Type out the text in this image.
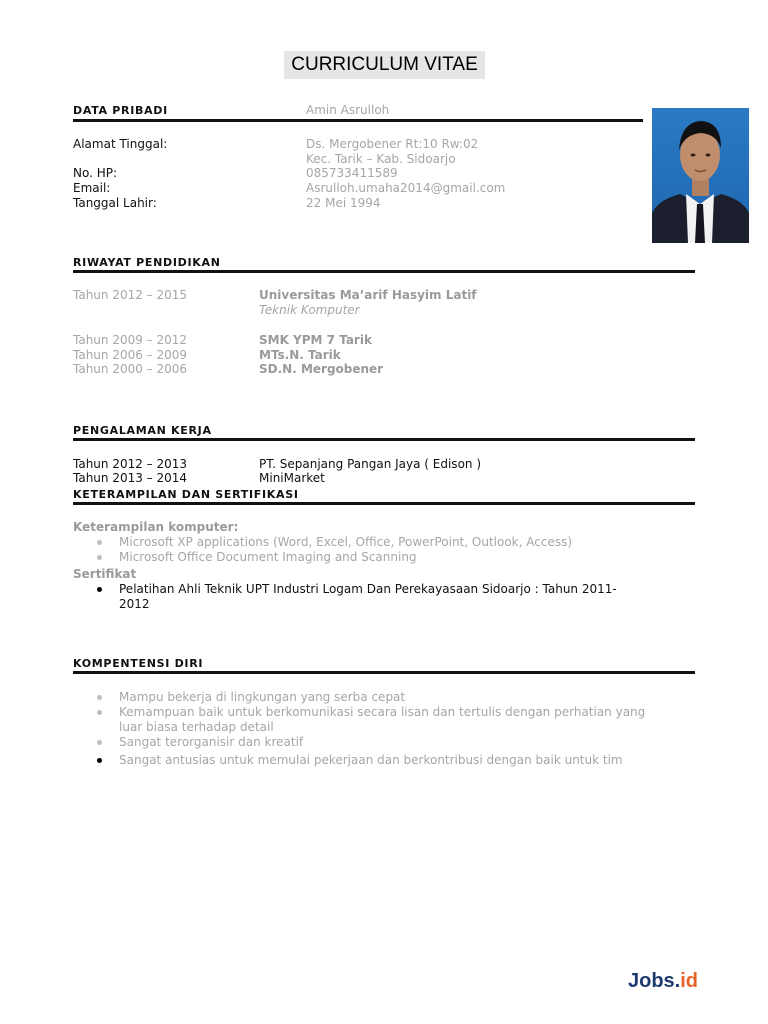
CURRICULUM VITAE
DATA PRIBADI	Amin Asrulloh
Alamat Tinggal:	Ds. Mergobener Rt:10 Rw:02
Kec. Tarik – Kab. Sidoarjo
No. HP:	085733411589
Email:	Asrulloh.umaha2014@gmail.com
Tanggal Lahir:	22 Mei 1994
RIWAYAT PENDIDIKAN
Tahun 2012 – 2015	Universitas Ma’arif Hasyim Latif
Teknik Komputer
Tahun 2009 – 2012	SMK YPM 7 Tarik
Tahun 2006 – 2009	MTs.N. Tarik
Tahun 2000 – 2006	SD.N. Mergobener
PENGALAMAN KERJA
Tahun 2012 – 2013	PT. Sepanjang Pangan Jaya ( Edison )
Tahun 2013 – 2014	MiniMarket
KETERAMPILAN DAN SERTIFIKASI
Keterampilan komputer:
Microsoft XP applications (Word, Excel, Office, PowerPoint, Outlook, Access)
Microsoft Office Document Imaging and Scanning
Sertifikat
Pelatihan Ahli Teknik UPT Industri Logam Dan Perekayasaan Sidoarjo : Tahun 2011-
2012
KOMPENTENSI DIRI
Mampu bekerja di lingkungan yang serba cepat
Kemampuan baik untuk berkomunikasi secara lisan dan tertulis dengan perhatian yang
luar biasa terhadap detail
Sangat terorganisir dan kreatif
Sangat antusias untuk memulai pekerjaan dan berkontribusi dengan baik untuk tim
Jobs.id
